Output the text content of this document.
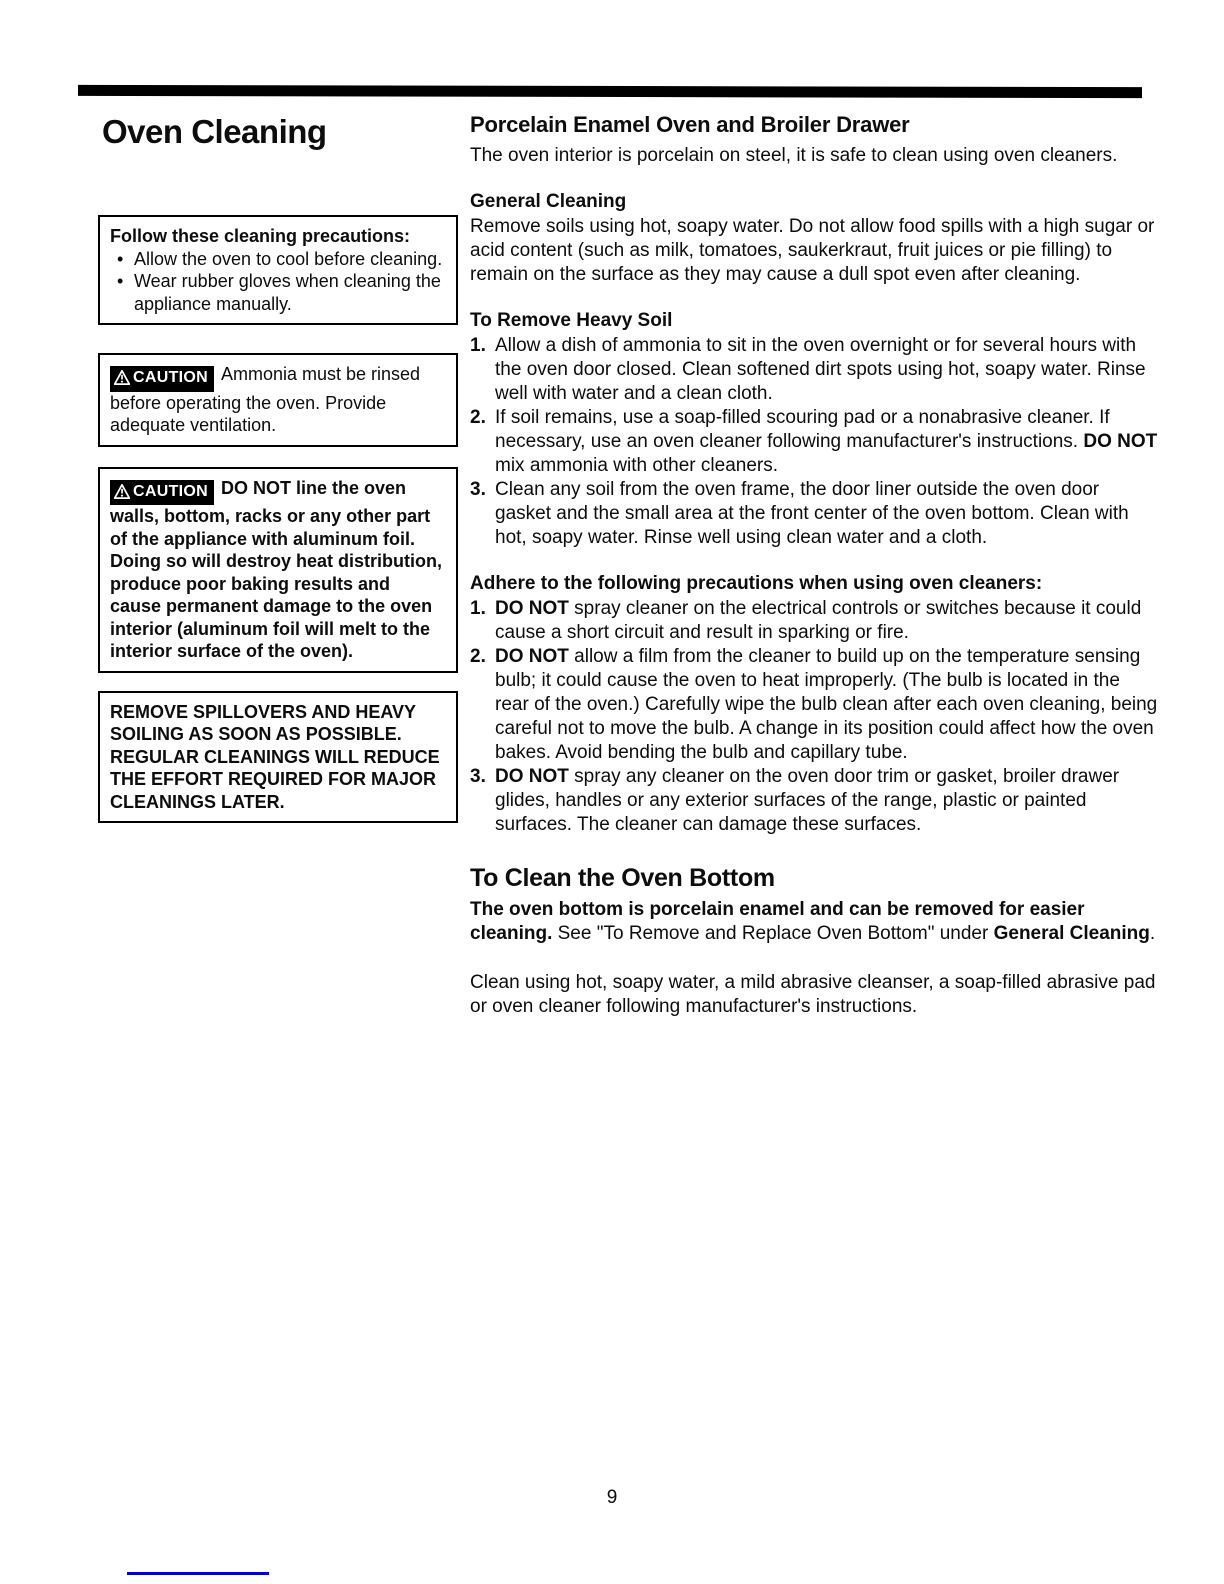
Oven Cleaning
Follow these cleaning precautions:
• Allow the oven to cool before cleaning.
• Wear rubber gloves when cleaning the appliance manually.

CAUTION Ammonia must be rinsed before operating the oven. Provide adequate ventilation.

CAUTION DO NOT line the oven walls, bottom, racks or any other part of the appliance with aluminum foil. Doing so will destroy heat distribution, produce poor baking results and cause permanent damage to the oven interior (aluminum foil will melt to the interior surface of the oven).

REMOVE SPILLOVERS AND HEAVY SOILING AS SOON AS POSSIBLE. REGULAR CLEANINGS WILL REDUCE THE EFFORT REQUIRED FOR MAJOR CLEANINGS LATER.
Porcelain Enamel Oven and Broiler Drawer

The oven interior is porcelain on steel, it is safe to clean using oven cleaners.

General Cleaning

Remove soils using hot, soapy water. Do not allow food spills with a high sugar or acid content (such as milk, tomatoes, saukerkraut, fruit juices or pie filling) to remain on the surface as they may cause a dull spot even after cleaning.

To Remove Heavy Soil
1. Allow a dish of ammonia to sit in the oven overnight or for several hours with the oven door closed. Clean softened dirt spots using hot, soapy water. Rinse well with water and a clean cloth.
2. If soil remains, use a soap-filled scouring pad or a nonabrasive cleaner. If necessary, use an oven cleaner following manufacturer's instructions. DO NOT mix ammonia with other cleaners.
3. Clean any soil from the oven frame, the door liner outside the oven door gasket and the small area at the front center of the oven bottom. Clean with hot, soapy water. Rinse well using clean water and a cloth.
Adhere to the following precautions when using oven cleaners:
1. DO NOT spray cleaner on the electrical controls or switches because it could cause a short circuit and result in sparking or fire.
2. DO NOT allow a film from the cleaner to build up on the temperature sensing bulb; it could cause the oven to heat improperly. (The bulb is located in the rear of the oven.) Carefully wipe the bulb clean after each oven cleaning, being careful not to move the bulb. A change in its position could affect how the oven bakes. Avoid bending the bulb and capillary tube.
3. DO NOT spray any cleaner on the oven door trim or gasket, broiler drawer glides, handles or any exterior surfaces of the range, plastic or painted surfaces. The cleaner can damage these surfaces.
To Clean the Oven Bottom

The oven bottom is porcelain enamel and can be removed for easier cleaning. See "To Remove and Replace Oven Bottom" under General Cleaning.

Clean using hot, soapy water, a mild abrasive cleanser, a soap-filled abrasive pad or oven cleaner following manufacturer's instructions.

9
